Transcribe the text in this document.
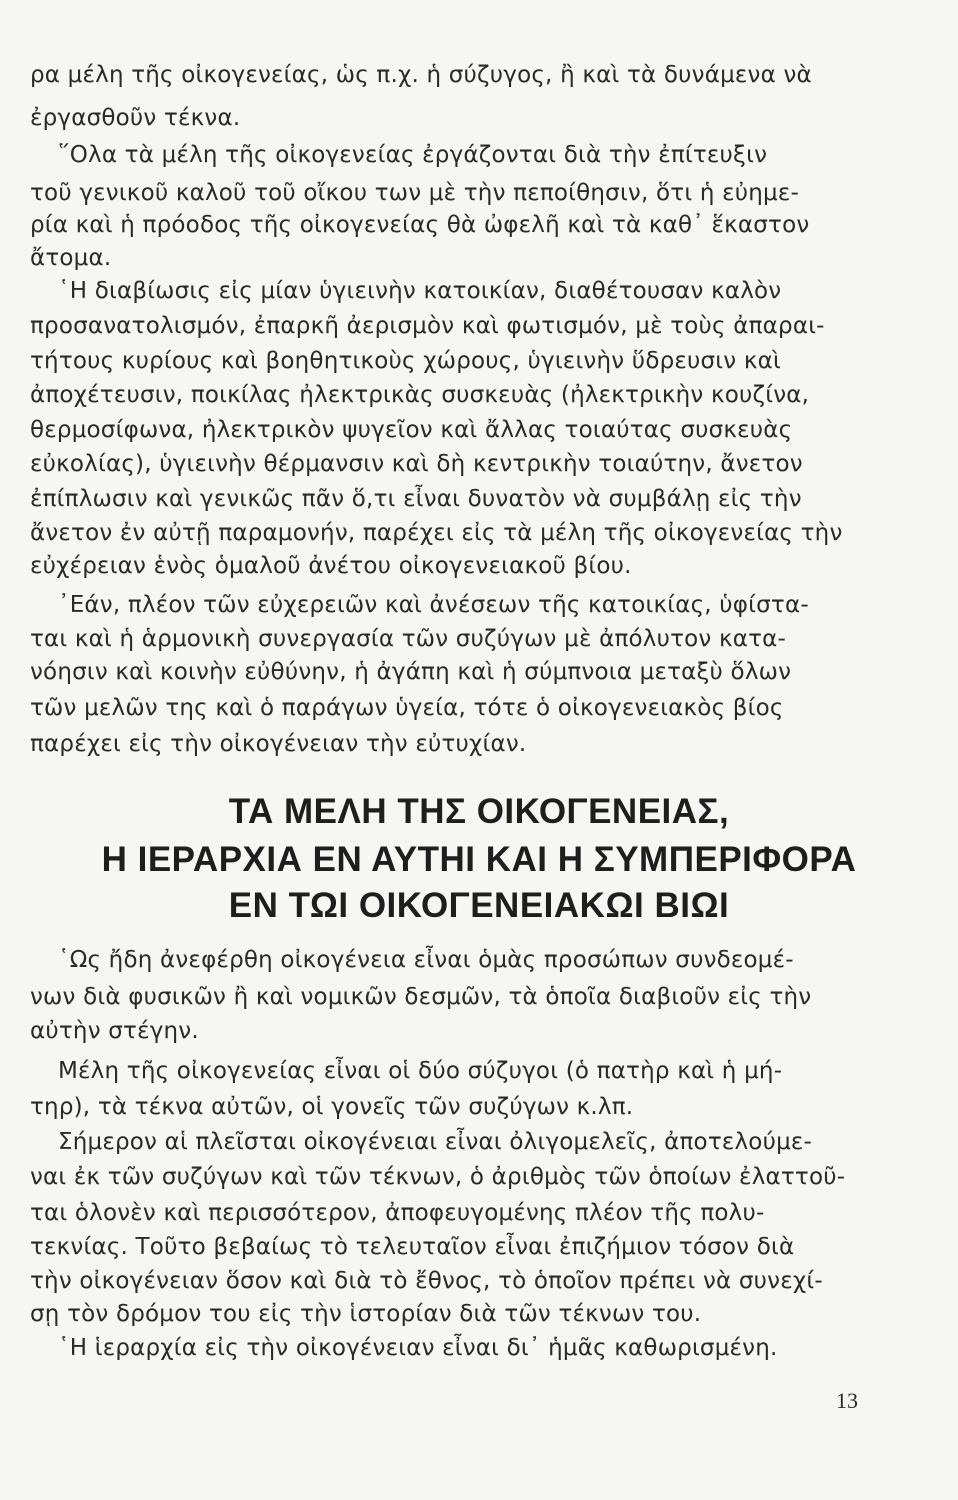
ρα μέλη τῆς οἰκογενείας, ὡς π.χ. ἡ σύζυγος, ἢ καὶ τὰ δυνάμενα νὰ
ἐργασθοῦν τέκνα.
῞Ολα τὰ μέλη τῆς οἰκογενείας ἐργάζονται διὰ τὴν ἐπίτευξιν
τοῦ γενικοῦ καλοῦ τοῦ οἴκου των μὲ τὴν πεποίθησιν, ὅτι ἡ εὐημε-
ρία καὶ ἡ πρόοδος τῆς οἰκογενείας θὰ ὠφελῆ καὶ τὰ καθ᾿ ἕκαστον
ἄτομα.
῾Η διαβίωσις εἰς μίαν ὑγιεινὴν κατοικίαν, διαθέτουσαν καλὸν
προσανατολισμόν, ἐπαρκῆ ἀερισμὸν καὶ φωτισμόν, μὲ τοὺς ἀπαραι-
τήτους κυρίους καὶ βοηθητικοὺς χώρους, ὑγιεινὴν ὕδρευσιν καὶ
ἀποχέτευσιν, ποικίλας ἠλεκτρικὰς συσκευὰς (ἠλεκτρικὴν κουζίνα,
θερμοσίφωνα, ἠλεκτρικὸν ψυγεῖον καὶ ἄλλας τοιαύτας συσκευὰς
εὐκολίας), ὑγιεινὴν θέρμανσιν καὶ δὴ κεντρικὴν τοιαύτην, ἄνετον
ἐπίπλωσιν καὶ γενικῶς πᾶν ὅ,τι εἶναι δυνατὸν νὰ συμβάλῃ εἰς τὴν
ἄνετον ἐν αὐτῇ παραμονήν, παρέχει εἰς τὰ μέλη τῆς οἰκογενείας τὴν
εὐχέρειαν ἑνὸς ὁμαλοῦ ἀνέτου οἰκογενειακοῦ βίου.
᾿Εάν, πλέον τῶν εὐχερειῶν καὶ ἀνέσεων τῆς κατοικίας, ὑφίστα-
ται καὶ ἡ ἁρμονικὴ συνεργασία τῶν συζύγων μὲ ἀπόλυτον κατα-
νόησιν καὶ κοινὴν εὐθύνην, ἡ ἀγάπη καὶ ἡ σύμπνοια μεταξὺ ὅλων
τῶν μελῶν της καὶ ὁ παράγων ὑγεία, τότε ὁ οἰκογενειακὸς βίος
παρέχει εἰς τὴν οἰκογένειαν τὴν εὐτυχίαν.
ΤΑ ΜΕΛΗ ΤΗΣ ΟΙΚΟΓΕΝΕΙΑΣ,
Η ΙΕΡΑΡΧΙΑ ΕΝ ΑΥΤΗΙ ΚΑΙ Η ΣΥΜΠΕΡΙΦΟΡΑ
ΕΝ ΤΩΙ ΟΙΚΟΓΕΝΕΙΑΚΩΙ ΒΙΩΙ
῾Ως ἤδη ἀνεφέρθη οἰκογένεια εἶναι ὁμὰς προσώπων συνδεομέ-
νων διὰ φυσικῶν ἢ καὶ νομικῶν δεσμῶν, τὰ ὁποῖα διαβιοῦν εἰς τὴν
αὐτὴν στέγην.
Μέλη τῆς οἰκογενείας εἶναι οἱ δύο σύζυγοι (ὁ πατὴρ καὶ ἡ μή-
τηρ), τὰ τέκνα αὐτῶν, οἱ γονεῖς τῶν συζύγων κ.λπ.
Σήμερον αἱ πλεῖσται οἰκογένειαι εἶναι ὀλιγομελεῖς, ἀποτελούμε-
ναι ἐκ τῶν συζύγων καὶ τῶν τέκνων, ὁ ἀριθμὸς τῶν ὁποίων ἐλαττοῦ-
ται ὁλονὲν καὶ περισσότερον, ἀποφευγομένης πλέον τῆς πολυ-
τεκνίας. Τοῦτο βεβαίως τὸ τελευταῖον εἶναι ἐπιζήμιον τόσον διὰ
τὴν οἰκογένειαν ὅσον καὶ διὰ τὸ ἔθνος, τὸ ὁποῖον πρέπει νὰ συνεχί-
σῃ τὸν δρόμον του εἰς τὴν ἱστορίαν διὰ τῶν τέκνων του.
῾Η ἱεραρχία εἰς τὴν οἰκογένειαν εἶναι δι᾿ ἡμᾶς καθωρισμένη.
13
